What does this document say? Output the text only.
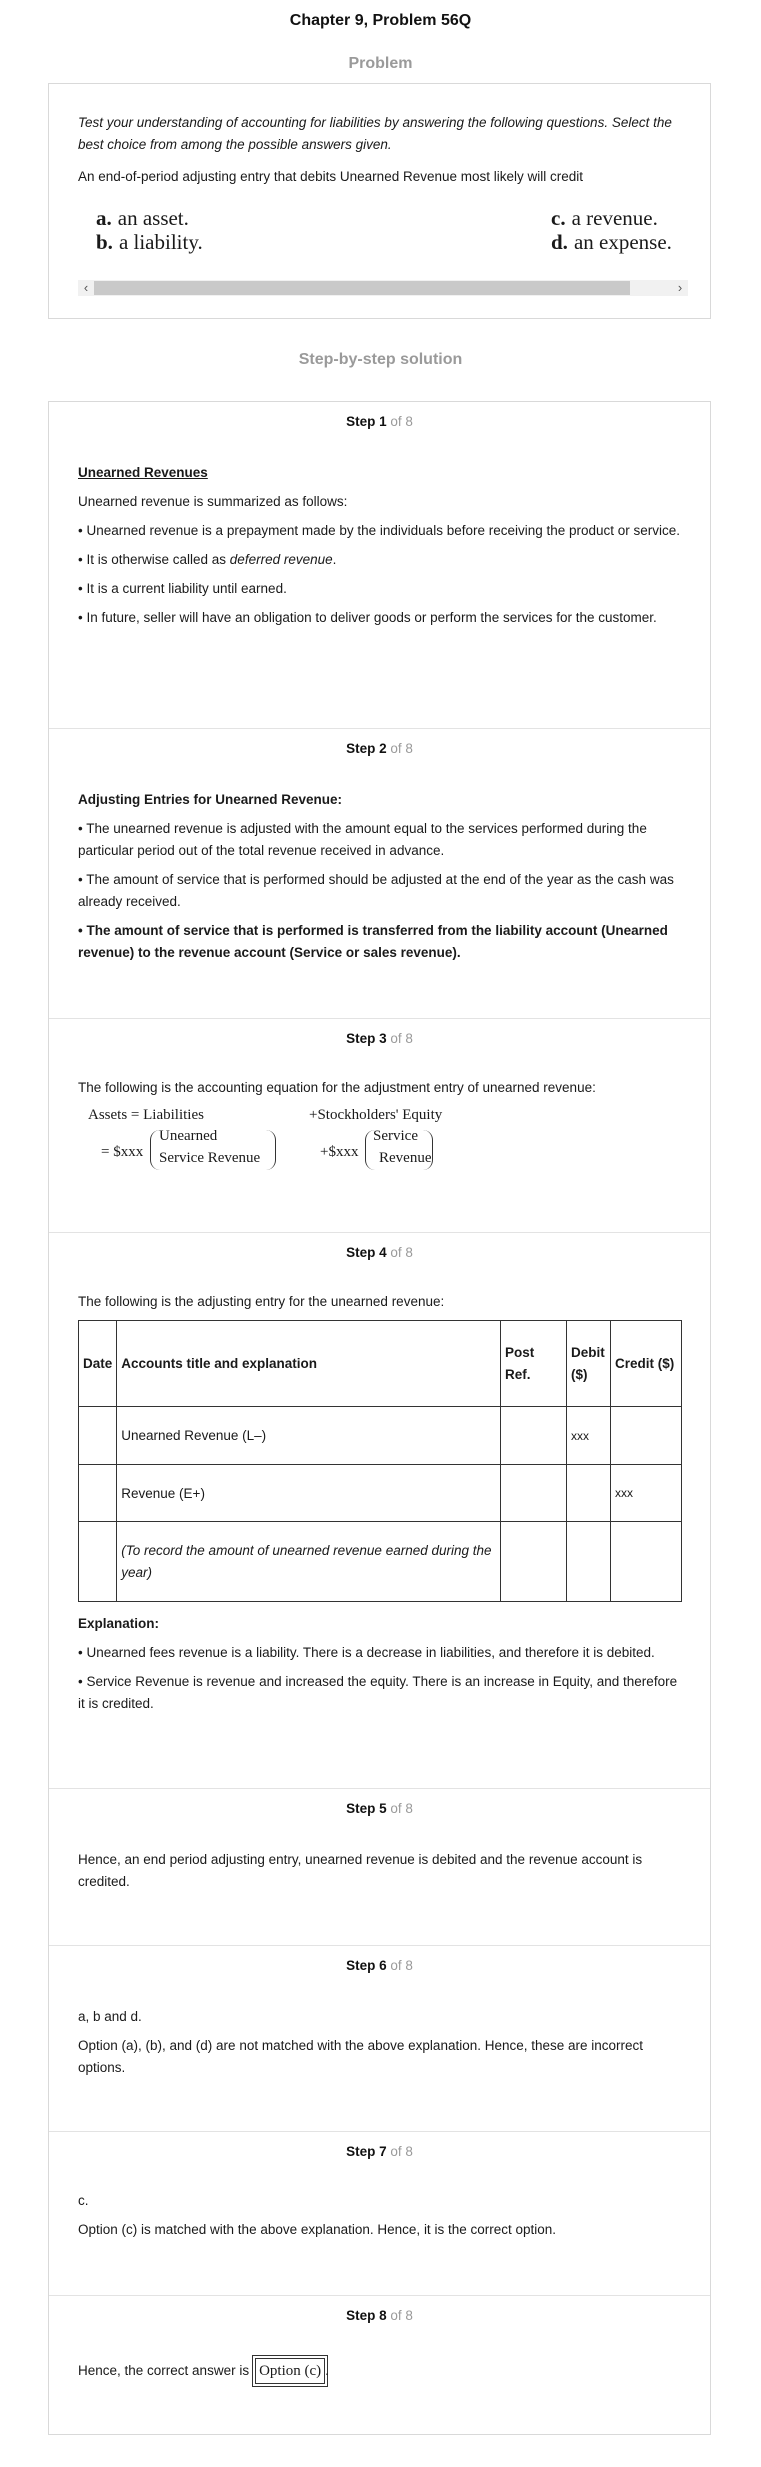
Chapter 9, Problem 56Q
Problem
Test your understanding of accounting for liabilities by answering the following questions. Select the best choice from among the possible answers given.
An end-of-period adjusting entry that debits Unearned Revenue most likely will credit
a. an asset.
b. a liability.
c. a revenue.
d. an expense.
‹	›
Step-by-step solution
Step 1 of 8

Unearned Revenues

Unearned revenue is summarized as follows:

• Unearned revenue is a prepayment made by the individuals before receiving the product or service.

• It is otherwise called as deferred revenue.

• It is a current liability until earned.

• In future, seller will have an obligation to deliver goods or perform the services for the customer.

Step 2 of 8

Adjusting Entries for Unearned Revenue:

• The unearned revenue is adjusted with the amount equal to the services performed during the particular period out of the total revenue received in advance.

• The amount of service that is performed should be adjusted at the end of the year as the cash was already received.

• The amount of service that is performed is transferred from the liability account (Unearned revenue) to the revenue account (Service or sales revenue).

Step 3 of 8
The following is the accounting equation for the adjustment entry of unearned revenue:
Assets = Liabilities	+Stockholders' Equity
= $xxx
Unearned
Service Revenue	+$xxx
Service
Revenue
Step 4 of 8
The following is the adjusting entry for the unearned revenue:
Date	Accounts title and explanation	Post Ref.	Debit ($)	Credit ($)
	Unearned Revenue (L–)		xxx	
	Revenue (E+)			xxx
	(To record the amount of unearned revenue earned during the year)			

Explanation:

• Unearned fees revenue is a liability. There is a decrease in liabilities, and therefore it is debited.

• Service Revenue is revenue and increased the equity. There is an increase in Equity, and therefore it is credited.

Step 5 of 8
Hence, an end period adjusting entry, unearned revenue is debited and the revenue account is credited.
Step 6 of 8

a, b and d.

Option (a), (b), and (d) are not matched with the above explanation. Hence, these are incorrect options.

Step 7 of 8

c.

Option (c) is matched with the above explanation. Hence, it is the correct option.

Step 8 of 8
Hence, the correct answer is Option (c) .
